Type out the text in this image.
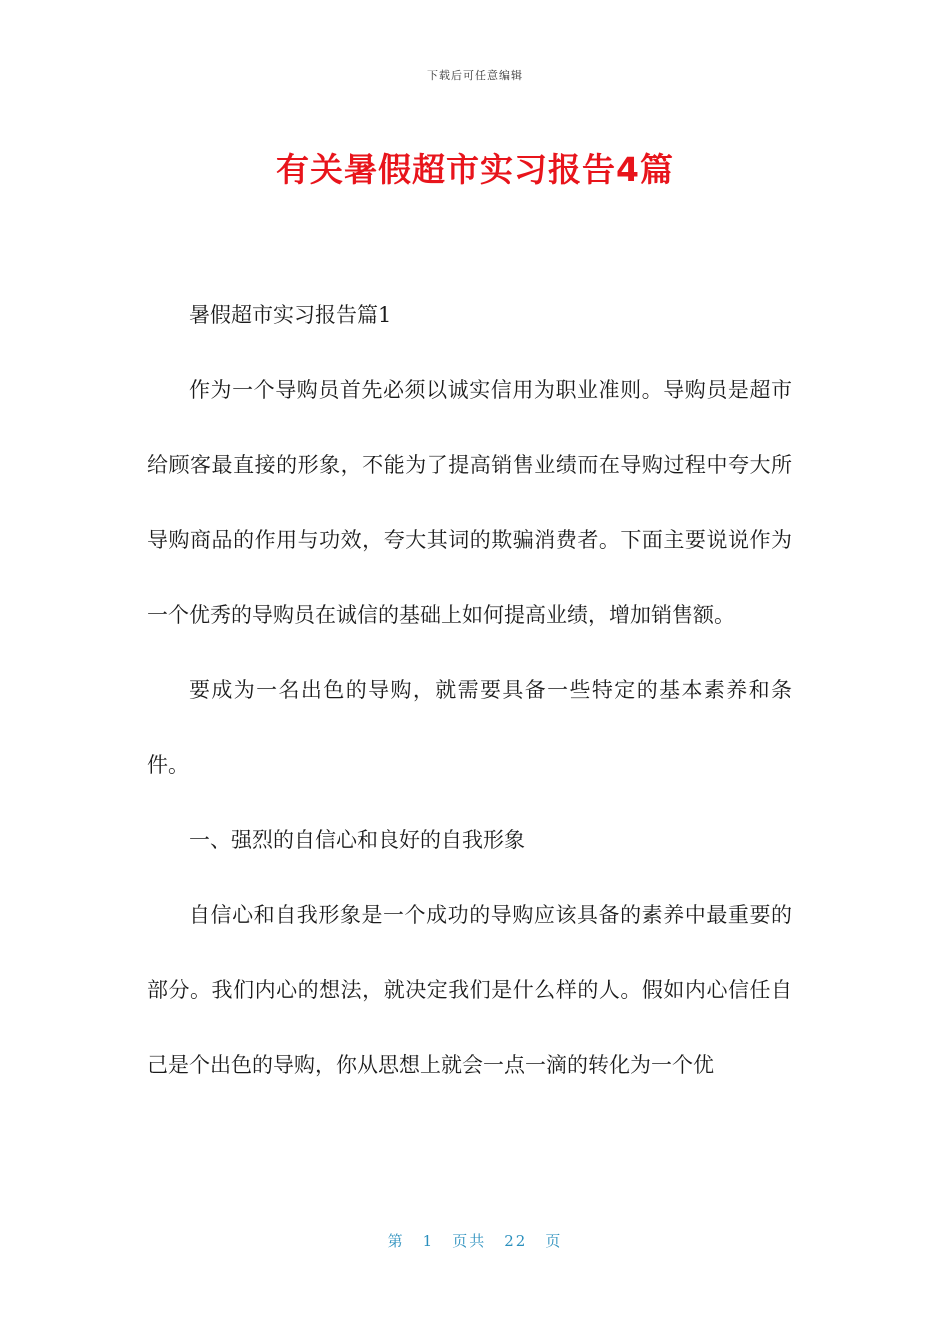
下载后可任意编辑
有关暑假超市实习报告4篇

暑假超市实习报告篇1

作为一个导购员首先必须以诚实信用为职业准则。导购员是超市给顾客最直接的形象，不能为了提高销售业绩而在导购过程中夸大所导购商品的作用与功效，夸大其词的欺骗消费者。下面主要说说作为一个优秀的导购员在诚信的基础上如何提高业绩，增加销售额。

要成为一名出色的导购，就需要具备一些特定的基本素养和条件。

一、强烈的自信心和良好的自我形象

自信心和自我形象是一个成功的导购应该具备的素养中最重要的部分。我们内心的想法，就决定我们是什么样的人。假如内心信任自己是个出色的导购，你从思想上就会一点一滴的转化为一个优

第 1 页共 22 页
